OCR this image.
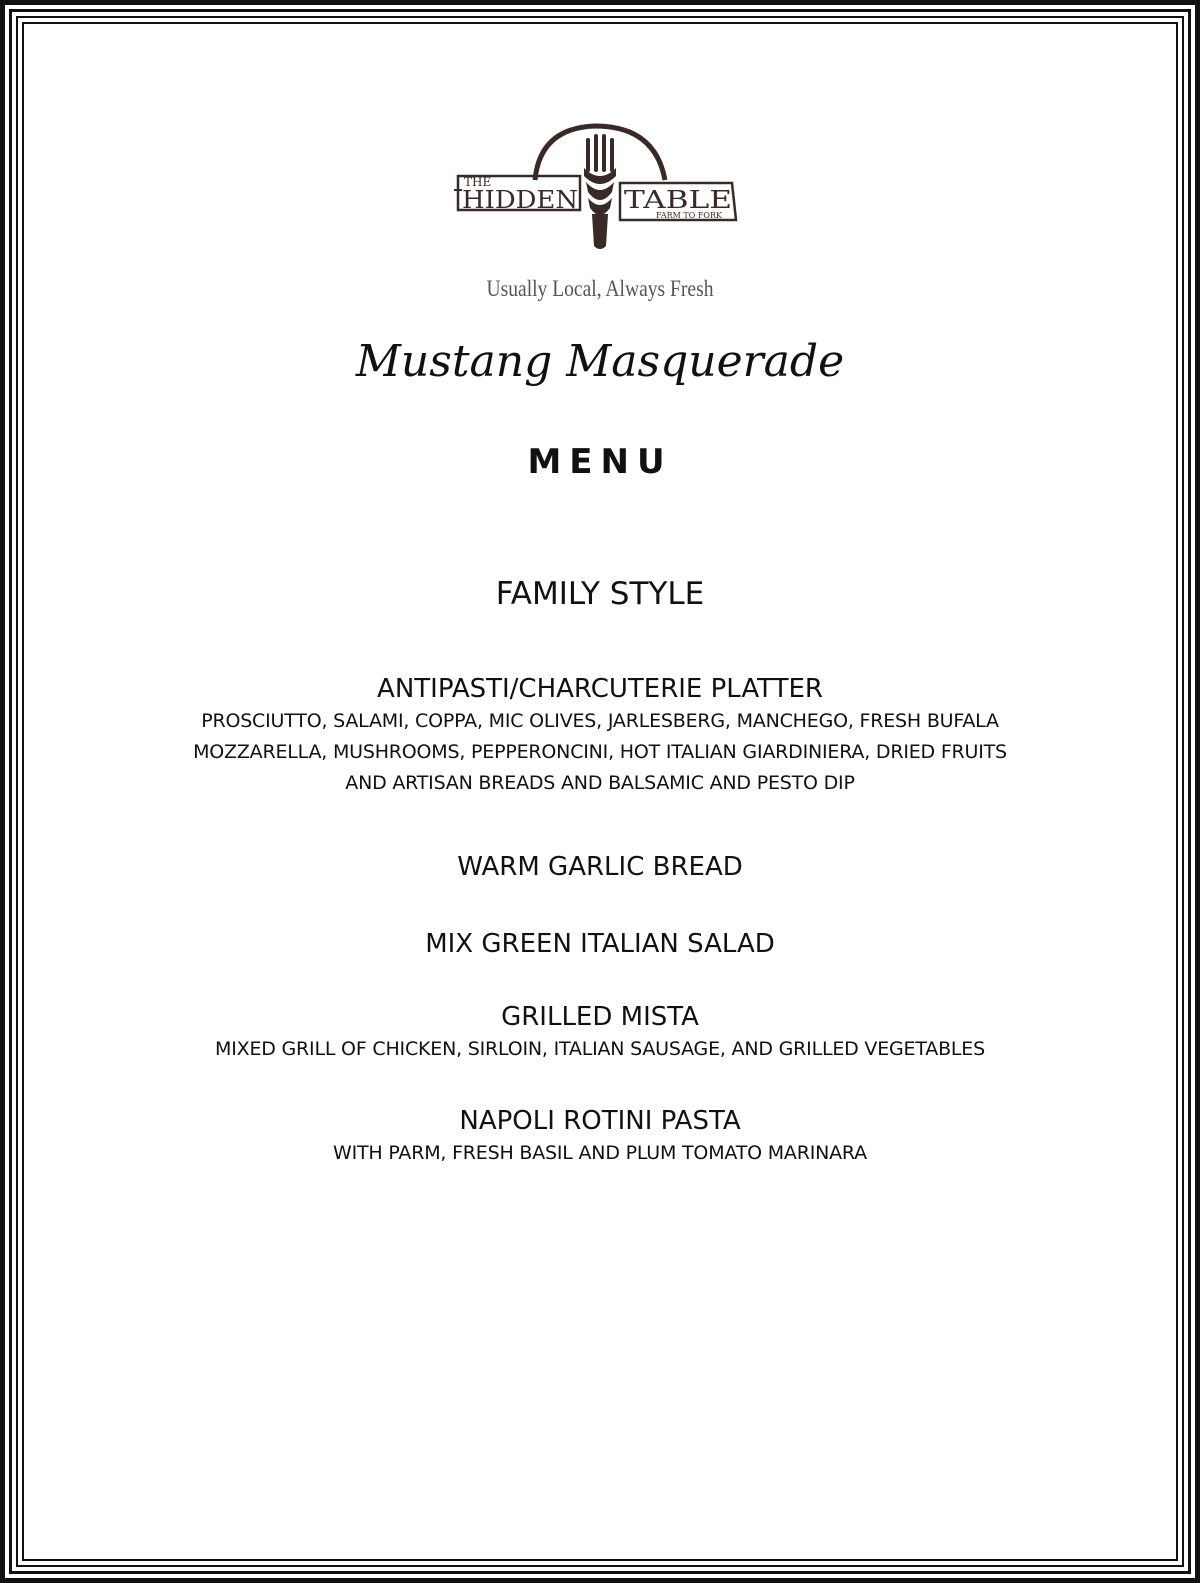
THE
HIDDEN TABLE
FARM TO FORK
Usually Local, Always Fresh
Mustang Masquerade
MENU
FAMILY STYLE
ANTIPASTI/CHARCUTERIE PLATTER
PROSCIUTTO, SALAMI, COPPA, MIC OLIVES, JARLESBERG, MANCHEGO, FRESH BUFALA
MOZZARELLA, MUSHROOMS, PEPPERONCINI, HOT ITALIAN GIARDINIERA, DRIED FRUITS
AND ARTISAN BREADS AND BALSAMIC AND PESTO DIP
WARM GARLIC BREAD
MIX GREEN ITALIAN SALAD
GRILLED MISTA
MIXED GRILL OF CHICKEN, SIRLOIN, ITALIAN SAUSAGE, AND GRILLED VEGETABLES
NAPOLI ROTINI PASTA
WITH PARM, FRESH BASIL AND PLUM TOMATO MARINARA
